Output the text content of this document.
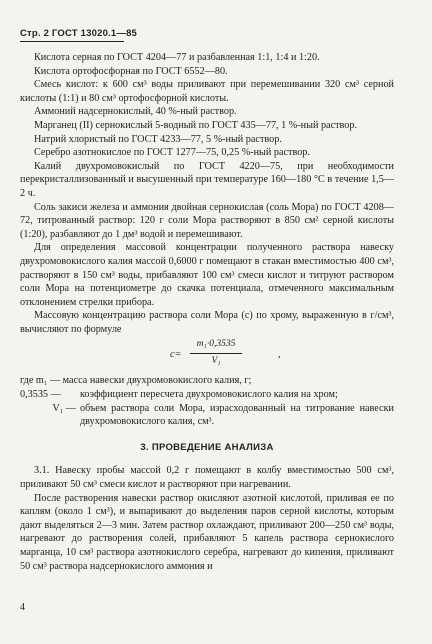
Стр. 2 ГОСТ 13020.1—85

Кислота серная по ГОСТ 4204—77 и разбавленная 1:1, 1:4 и 1:20.

Кислота ортофосфорная по ГОСТ 6552—80.

Смесь кислот: к 600 см³ воды приливают при перемешивании 320 см³ серной кислоты (1:1) и 80 см³ ортофосфорной кислоты.

Аммоний надсернокислый, 40 %-ный раствор.

Марганец (II) сернокислый 5-водный по ГОСТ 435—77, 1 %-ный раствор.

Натрий хлористый по ГОСТ 4233—77, 5 %-ный раствор.

Серебро азотнокислое по ГОСТ 1277—75, 0,25 %-ный раствор.

Калий двухромовокислый по ГОСТ 4220—75, при необходимости перекристаллизованный и высушенный при температуре 160—180 °С в течение 1,5—2 ч.

Соль закиси железа и аммония двойная сернокислая (соль Мора) по ГОСТ 4208—72, титрованный раствор: 120 г соли Мора растворяют в 850 см² серной кислоты (1:20), разбавляют до 1 дм³ водой и перемешивают.

Для определения массовой концентрации полученного раствора навеску двухромовокислого калия массой 0,6000 г помещают в стакан вместимостью 400 см³, растворяют в 150 см³ воды, прибавляют 100 см³ смеси кислот и титруют раствором соли Мора на потенциометре до скачка потенциала, отмеченного максимальным отклонением стрелки прибора.

Массовую концентрацию раствора соли Мора (с) по хрому, выраженную в г/см³, вычисляют по формуле

$с= \frac{\text{m₁·0,3535}}{\text{V₁}}$	,

где m₁ — масса навески двухромовокислого калия, г;

0,3535 —	коэффициент пересчета двухромовокислого калия на хром;
V₁ — объем раствора соли Мора, израсходованный на титрование навески двухромовокислого калия, см³.
3. ПРОВЕДЕНИЕ АНАЛИЗА

3.1. Навеску пробы массой 0,2 г помещают в колбу вместимостью 500 см³, приливают 50 см³ смеси кислот и растворяют при нагревании.

После растворения навески раствор окисляют азотной кислотой, приливая ее по каплям (около 1 см³), и выпаривают до выделения паров серной кислоты, которым дают выделяться 2—3 мин. Затем раствор охлаждают, приливают 200—250 см³ воды, нагревают до растворения солей, прибавляют 5 капель раствора сернокислого марганца, 10 см³ раствора азотнокислого серебра, нагревают до кипения, приливают 50 см³ раствора надсернокислого аммония и

4
